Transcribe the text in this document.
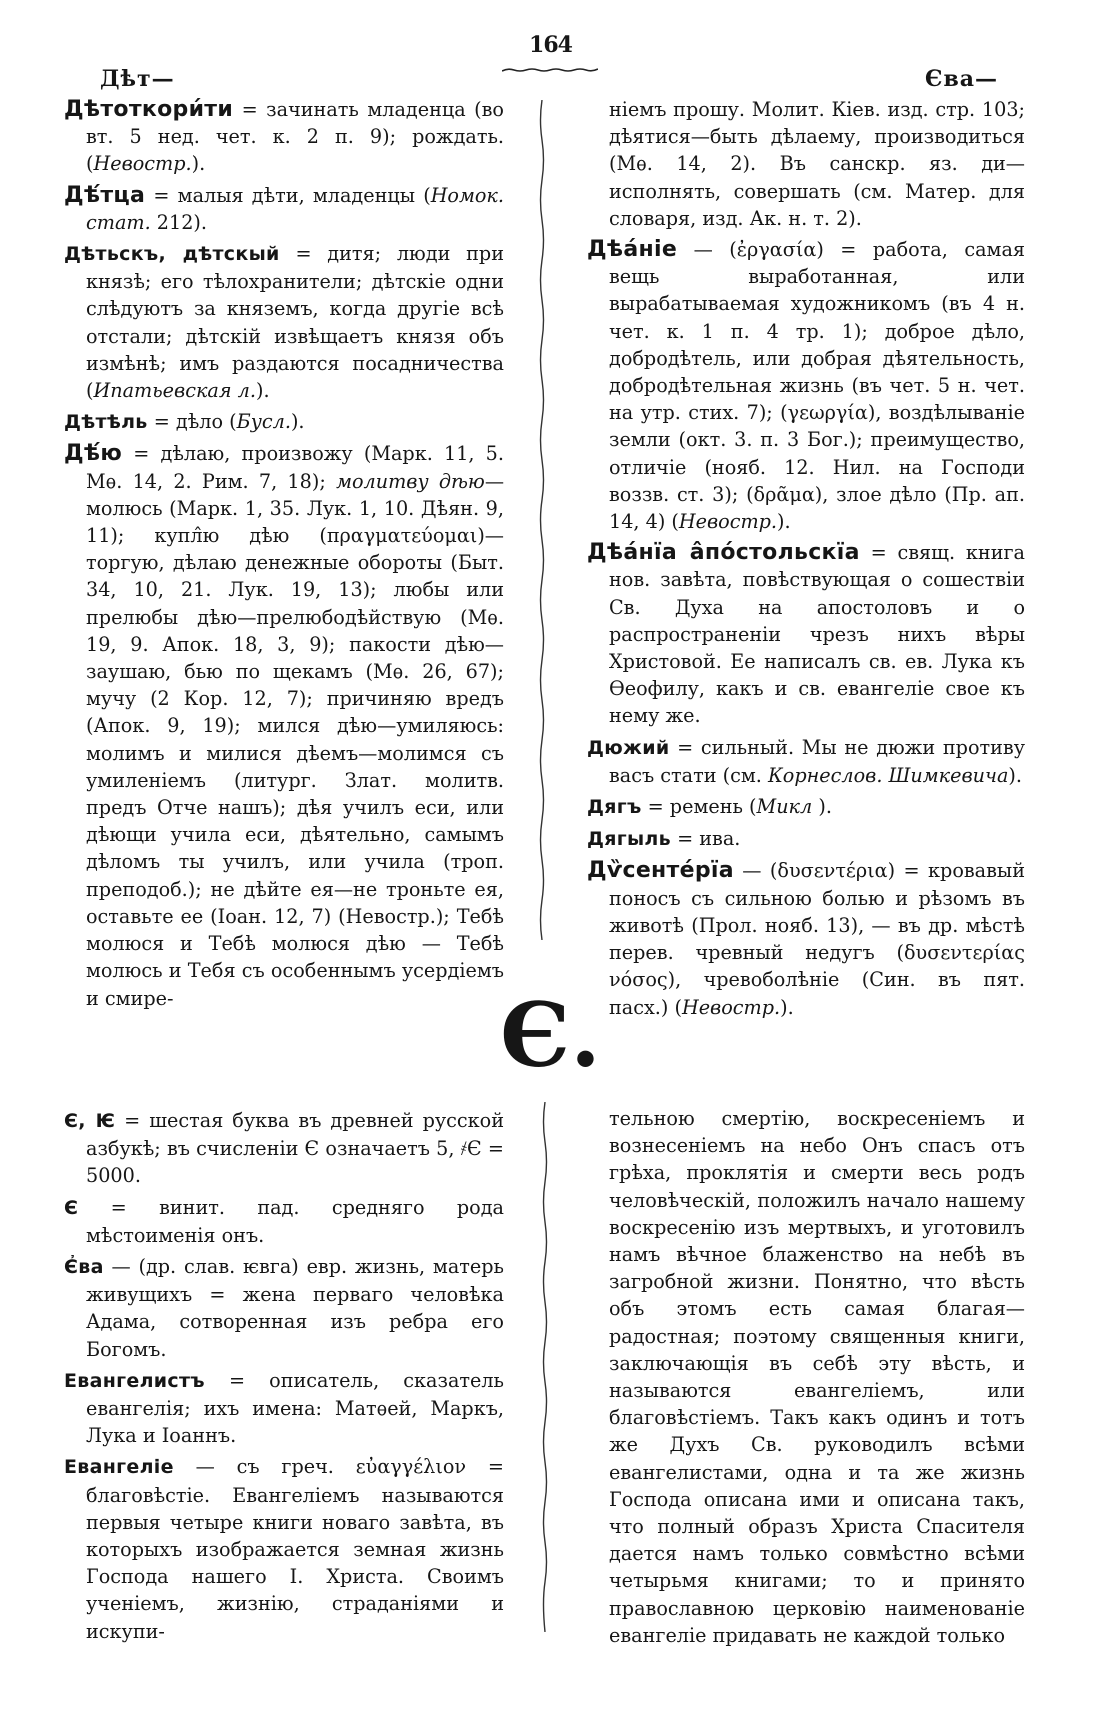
164
Дѣт—	Єва—

Дѣтоткори́ти = зачинать младенца (во вт. 5 нед. чет. к. 2 п. 9); рождать. (Невостр.).

Дѣ́тца = малыя дѣти, младенцы (Номок. стат. 212).

Дѣтьскъ, дѣтскый = дитя; люди при князѣ; его тѣлохранители; дѣтскіе одни слѣдуютъ за княземъ, когда другіе всѣ отстали; дѣтскій извѣщаетъ князя объ измѣнѣ; имъ раздаются посадничества (Ипатьевская л.).

Дѣтѣль = дѣло (Бусл.).

Дѣ́ю = дѣлаю, произвожу (Марк. 11, 5. Мѳ. 14, 2. Рим. 7, 18); молитву дѣю— молюсь (Марк. 1, 35. Лук. 1, 10. Дѣян. 9, 11); купл̂ю дѣю (πραγματεύομαι)—торгую, дѣлаю денежные обороты (Быт. 34, 10, 21. Лук. 19, 13); любы или прелюбы дѣю—прелюбодѣйствую (Мѳ. 19, 9. Апок. 18, 3, 9); пакости дѣю—заушаю, бью по щекамъ (Мѳ. 26, 67); мучу (2 Кор. 12, 7); причиняю вредъ (Апок. 9, 19); мился дѣю—умиляюсь: молимъ и милися дѣемъ—молимся съ умиленіемъ (литург. Злат. молитв. предъ Отче нашъ); дѣя училъ еси, или дѣющи учила еси, дѣятельно, самымъ дѣломъ ты училъ, или учила (троп. преподоб.); не дѣйте ея—не троньте ея, оставьте ее (Іоан. 12, 7) (Невостр.); Тебѣ молюся и Тебѣ молюся дѣю — Тебѣ молюсь и Тебя съ особеннымъ усердіемъ и смире-

ніемъ прошу. Молит. Кіев. изд. стр. 103; дѣятися—быть дѣлаему, производиться (Мѳ. 14, 2). Въ санскр. яз. ди—исполнять, совершать (см. Матер. для словаря, изд. Ак. н. т. 2).

Дѣа́ніе — (ἐργασία) = работа, самая вещь выработанная, или вырабатываемая художникомъ (въ 4 н. чет. к. 1 п. 4 тр. 1); доброе дѣло, добродѣтель, или добрая дѣятельность, добродѣтельная жизнь (въ чет. 5 н. чет. на утр. стих. 7); (γεωργία), воздѣлываніе земли (окт. 3. п. 3 Бог.); преимущество, отличіе (нояб. 12. Нил. на Господи воззв. ст. 3); (δρᾶμα), злое дѣло (Пр. ап. 14, 4) (Невостр.).

Дѣа́нїа а̂по́стольскїа = свящ. книга нов. завѣта, повѣствующая о сошествіи Св. Духа на апостоловъ и о распространеніи чрезъ нихъ вѣры Христовой. Ее написалъ св. ев. Лука къ Ѳеофилу, какъ и св. евангеліе свое къ нему же.

Дюжий = сильный. Мы не дюжи противу васъ стати (см. Корнеслов. Шимкевича).

Дягъ = ремень (Микл ).

Дягыль = ива.

Дѷсенте́рїа — (δυσεντέρια) = кровавый поносъ съ сильною болью и рѣзомъ въ животѣ (Прол. нояб. 13), — въ др. мѣстѣ перев. чревный недугъ (δυσεντερίας νόσος), чревоболѣніе (Син. въ пят. пасх.) (Невостр.).

Є.

Є, Ѥ = шестая буква въ древней русской азбукѣ; въ счисленіи Є означаетъ 5, ҂Є = 5000.

Є = винит. пад. средняго рода мѣстоименія онъ.

Є҆ва — (др. слав. ѥвга) евр. жизнь, матерь живущихъ = жена перваго человѣка Адама, сотворенная изъ ребра его Богомъ.

Евангелистъ = описатель, сказатель евангелія; ихъ имена: Матѳей, Маркъ, Лука и Іоаннъ.

Евангеліе — съ греч. εὐαγγέλιον = благовѣстіе. Евангеліемъ называются первыя четыре книги новаго завѣта, въ которыхъ изображается земная жизнь Господа нашего І. Христа. Своимъ ученіемъ, жизнію, страданіями и искупи-

тельною смертію, воскресеніемъ и вознесеніемъ на небо Онъ спасъ отъ грѣха, проклятія и смерти весь родъ человѣческій, положилъ начало нашему воскресенію изъ мертвыхъ, и уготовилъ намъ вѣчное блаженство на небѣ въ загробной жизни. Понятно, что вѣсть объ этомъ есть самая благая—радостная; поэтому священныя книги, заключающія въ себѣ эту вѣсть, и называются евангеліемъ, или благовѣстіемъ. Такъ какъ одинъ и тотъ же Духъ Св. руководилъ всѣми евангелистами, одна и та же жизнь Господа описана ими и описана такъ, что полный образъ Христа Спасителя дается намъ только совмѣстно всѣми четырьмя книгами; то и принято православною церковію наименованіе евангеліе придавать не каждой только
